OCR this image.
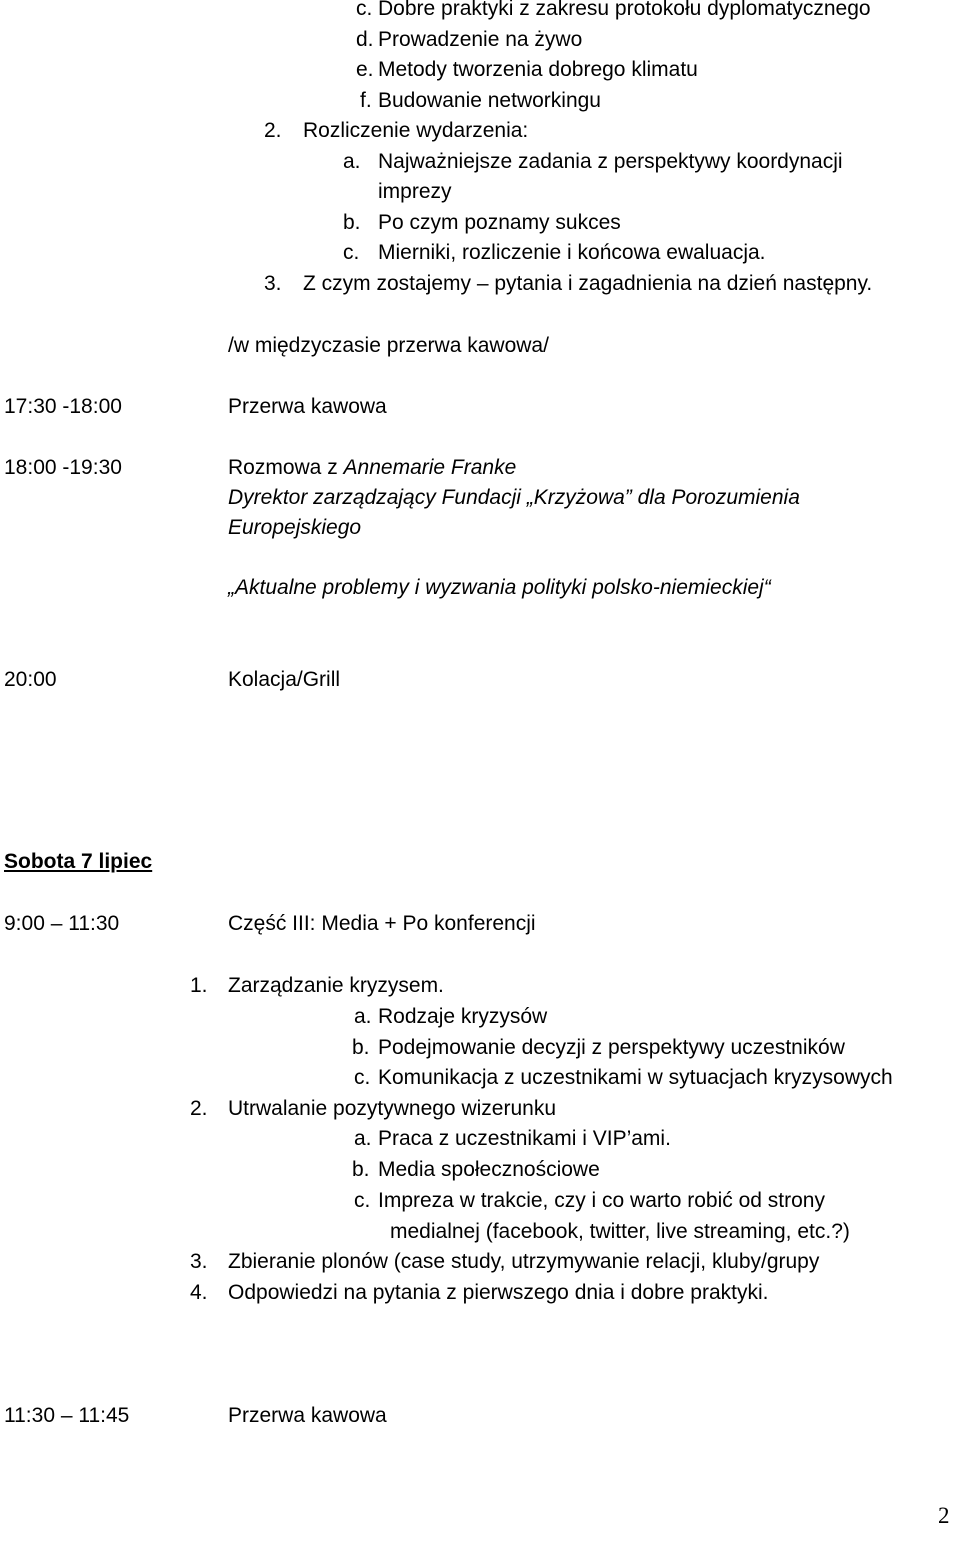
c. Dobre praktyki z zakresu protokołu dyplomatycznego
d. Prowadzenie na żywo
e. Metody tworzenia dobrego klimatu
f. Budowanie networkingu
2. Rozliczenie wydarzenia:
a. Najważniejsze zadania z perspektywy koordynacji
imprezy
b. Po czym poznamy sukces
c. Mierniki, rozliczenie i końcowa ewaluacja.
3. Z czym zostajemy – pytania i zagadnienia na dzień następny.
/w międzyczasie przerwa kawowa/
17:30 -18:00	Przerwa kawowa
18:00 -19:30	Rozmowa z Annemarie Franke
Dyrektor zarządzający Fundacji „Krzyżowa” dla Porozumienia
Europejskiego
„Aktualne problemy i wyzwania polityki polsko-niemieckiej“
20:00	Kolacja/Grill
Sobota 7 lipiec
9:00 – 11:30	Część III: Media + Po konferencji
1. Zarządzanie kryzysem.
a. Rodzaje kryzysów
b. Podejmowanie decyzji z perspektywy uczestników
c. Komunikacja z uczestnikami w sytuacjach kryzysowych
2. Utrwalanie pozytywnego wizerunku
a. Praca z uczestnikami i VIP’ami.
b. Media społecznościowe
c. Impreza w trakcie, czy i co warto robić od strony
medialnej (facebook, twitter, live streaming, etc.?)
3. Zbieranie plonów (case study, utrzymywanie relacji, kluby/grupy
4. Odpowiedzi na pytania z pierwszego dnia i dobre praktyki.
11:30 – 11:45	Przerwa kawowa
2
